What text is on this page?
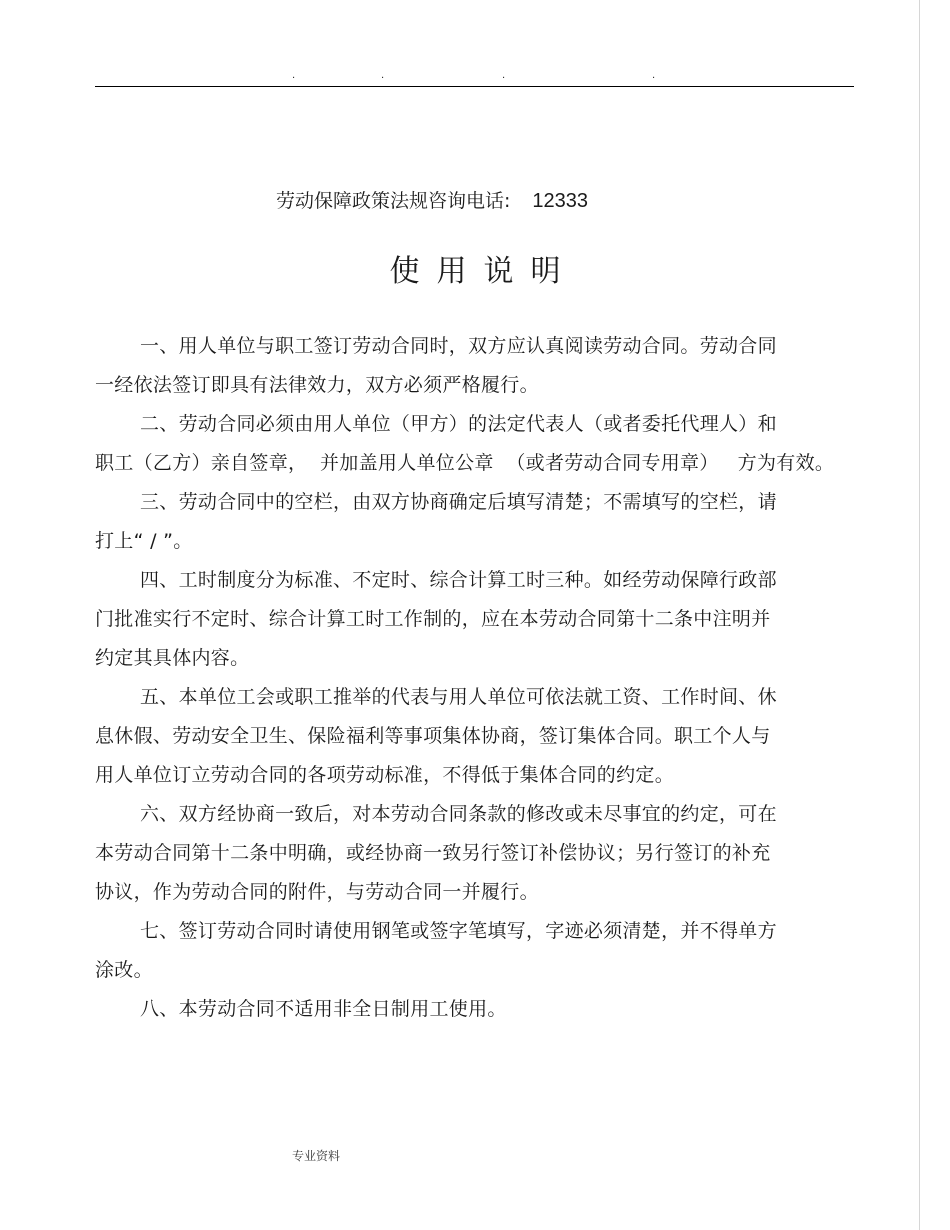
.	.	.	.
劳动保障政策法规咨询电话: 12333
使用说明

一、用人单位与职工签订劳动合同时，双方应认真阅读劳动合同。劳动合同
一经依法签订即具有法律效力，双方必须严格履行。

二、劳动合同必须由用人单位（甲方）的法定代表人（或者委托代理人）和
职工（乙方）亲自签章，  并加盖用人单位公章  （或者劳动合同专用章）   方为有效。

三、劳动合同中的空栏，由双方协商确定后填写清楚；不需填写的空栏，请
打上“ / ”。

四、工时制度分为标准、不定时、综合计算工时三种。如经劳动保障行政部
门批准实行不定时、综合计算工时工作制的，应在本劳动合同第十二条中注明并
约定其具体内容。

五、本单位工会或职工推举的代表与用人单位可依法就工资、工作时间、休
息休假、劳动安全卫生、保险福利等事项集体协商，签订集体合同。职工个人与
用人单位订立劳动合同的各项劳动标准，不得低于集体合同的约定。

六、双方经协商一致后，对本劳动合同条款的修改或未尽事宜的约定，可在
本劳动合同第十二条中明确，或经协商一致另行签订补偿协议；另行签订的补充
协议，作为劳动合同的附件，与劳动合同一并履行。

七、签订劳动合同时请使用钢笔或签字笔填写，字迹必须清楚，并不得单方
涂改。

八、本劳动合同不适用非全日制用工使用。

专业资料
